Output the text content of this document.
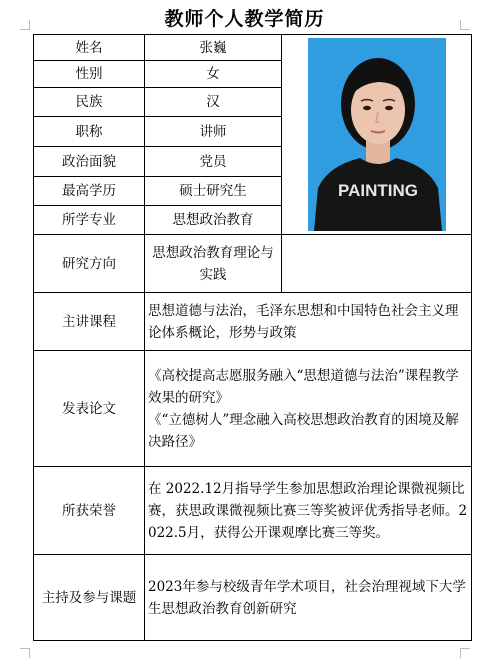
教师个人教学简历
姓名	张巍	PAINTING

性别	女	
民族	汉	
职称	讲师	
政治面貌	党员	
最高学历	硕士研究生	
所学专业	思想政治教育	
研究方向	思想政治教育理论与实践	
主讲课程	思想道德与法治，毛泽东思想和中国特色社会主义理论体系概论，形势与政策	
发表论文	《高校提高志愿服务融入“思想道德与法治”课程教学效果的研究》
《“立德树人”理念融入高校思想政治教育的困境及解决路径》	

所获荣誉	在 2022.12月指导学生参加思想政治理论课微视频比赛，获思政课微视频比赛三等奖被评优秀指导老师。2022.5月，获得公开课观摩比赛三等奖。	
主持及参与课题	2023年参与校级青年学术项目，社会治理视域下大学生思想政治教育创新研究	
